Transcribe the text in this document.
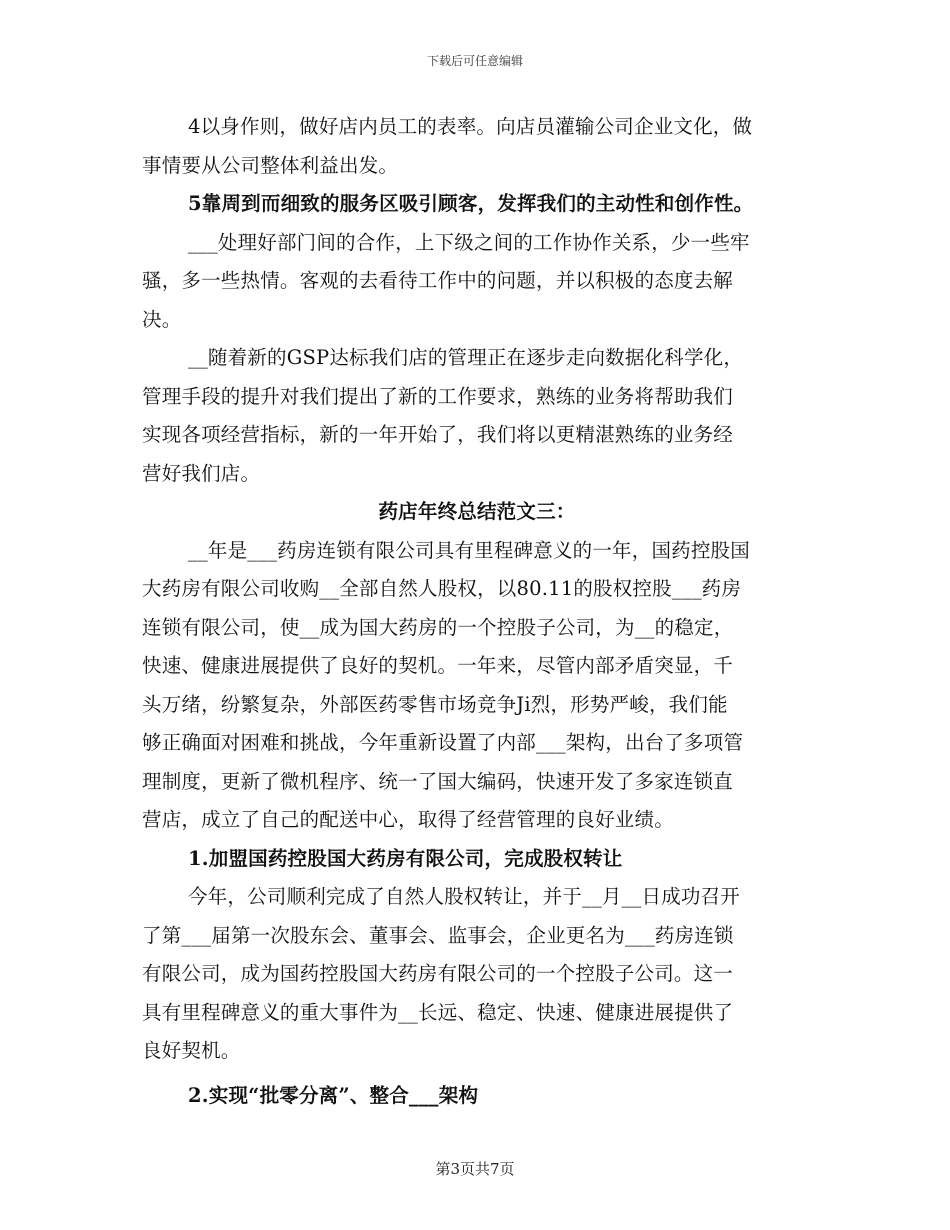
下载后可任意编辑
4以身作则，做好店内员工的表率。向店员灌输公司企业文化，做
事情要从公司整体利益出发。
5靠周到而细致的服务区吸引顾客，发挥我们的主动性和创作性。
___处理好部门间的合作，上下级之间的工作协作关系，少一些牢
骚，多一些热情。客观的去看待工作中的问题，并以积极的态度去解
决。
__随着新的GSP达标我们店的管理正在逐步走向数据化科学化，
管理手段的提升对我们提出了新的工作要求，熟练的业务将帮助我们
实现各项经营指标，新的一年开始了，我们将以更精湛熟练的业务经
营好我们店。
药店年终总结范文三：
__年是___药房连锁有限公司具有里程碑意义的一年，国药控股国
大药房有限公司收购__全部自然人股权，以80.11的股权控股___药房
连锁有限公司，使__成为国大药房的一个控股子公司，为__的稳定，
快速、健康进展提供了良好的契机。一年来，尽管内部矛盾突显，千
头万绪，纷繁复杂，外部医药零售市场竞争Ji烈，形势严峻，我们能
够正确面对困难和挑战，今年重新设置了内部___架构，出台了多项管
理制度，更新了微机程序、统一了国大编码，快速开发了多家连锁直
营店，成立了自己的配送中心，取得了经营管理的良好业绩。
1.加盟国药控股国大药房有限公司，完成股权转让
今年，公司顺利完成了自然人股权转让，并于__月__日成功召开
了第___届第一次股东会、董事会、监事会，企业更名为___药房连锁
有限公司，成为国药控股国大药房有限公司的一个控股子公司。这一
具有里程碑意义的重大事件为__长远、稳定、快速、健康进展提供了
良好契机。
2.实现“批零分离”、整合___架构
第3页共7页
